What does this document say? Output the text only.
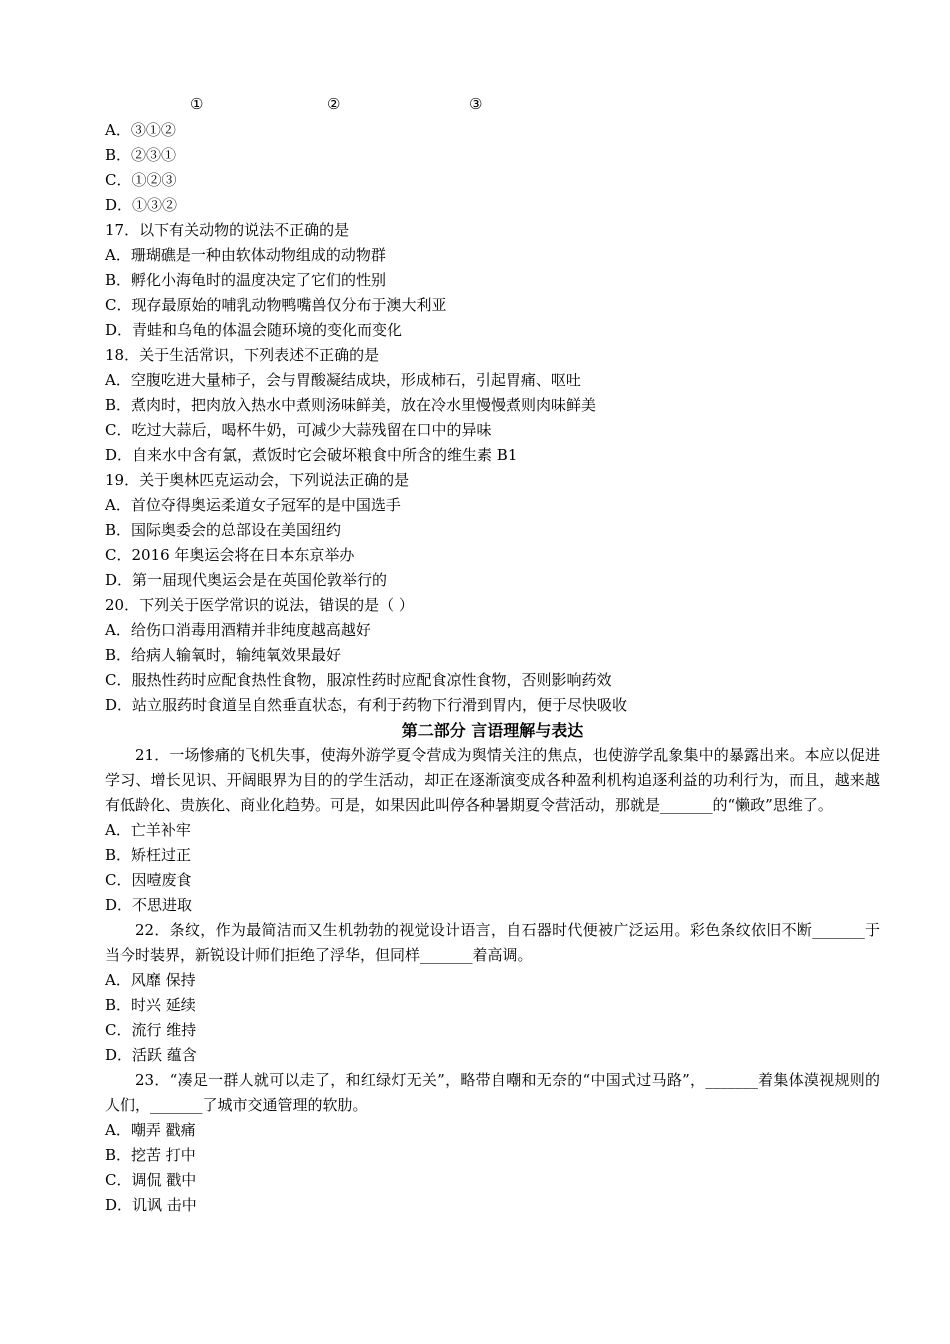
①	②	③
A．③①②
B．②③①
C．①②③
D．①③②
17．以下有关动物的说法不正确的是
A．珊瑚礁是一种由软体动物组成的动物群
B．孵化小海龟时的温度决定了它们的性别
C．现存最原始的哺乳动物鸭嘴兽仅分布于澳大利亚
D．青蛙和乌龟的体温会随环境的变化而变化
18．关于生活常识，下列表述不正确的是
A．空腹吃进大量柿子，会与胃酸凝结成块，形成柿石，引起胃痛、呕吐
B．煮肉时，把肉放入热水中煮则汤味鲜美，放在冷水里慢慢煮则肉味鲜美
C．吃过大蒜后，喝杯牛奶，可减少大蒜残留在口中的异味
D．自来水中含有氯，煮饭时它会破坏粮食中所含的维生素 B1
19．关于奥林匹克运动会，下列说法正确的是
A．首位夺得奥运柔道女子冠军的是中国选手
B．国际奥委会的总部设在美国纽约
C．2016 年奥运会将在日本东京举办
D．第一届现代奥运会是在英国伦敦举行的
20．下列关于医学常识的说法，错误的是（ ）
A．给伤口消毒用酒精并非纯度越高越好
B．给病人输氧时，输纯氧效果最好
C．服热性药时应配食热性食物，服凉性药时应配食凉性食物，否则影响药效
D．站立服药时食道呈自然垂直状态，有利于药物下行滑到胃内，便于尽快吸收
第二部分 言语理解与表达
21．一场惨痛的飞机失事，使海外游学夏令营成为舆情关注的焦点，也使游学乱象集中的暴露出来。本应以促进学习、增长见识、开阔眼界为目的的学生活动，却正在逐渐演变成各种盈利机构追逐利益的功利行为，而且，越来越有低龄化、贵族化、商业化趋势。可是，如果因此叫停各种暑期夏令营活动，那就是_______的“懒政”思维了。
A．亡羊补牢
B．矫枉过正
C．因噎废食
D．不思进取
22．条纹，作为最简洁而又生机勃勃的视觉设计语言，自石器时代便被广泛运用。彩色条纹依旧不断_______于当今时装界，新锐设计师们拒绝了浮华，但同样_______着高调。
A．风靡 保持
B．时兴 延续
C．流行 维持
D．活跃 蕴含
23．“凑足一群人就可以走了，和红绿灯无关”，略带自嘲和无奈的“中国式过马路”，_______着集体漠视规则的人们，_______了城市交通管理的软肋。
A．嘲弄 戳痛
B．挖苦 打中
C．调侃 戳中
D．讥讽 击中
